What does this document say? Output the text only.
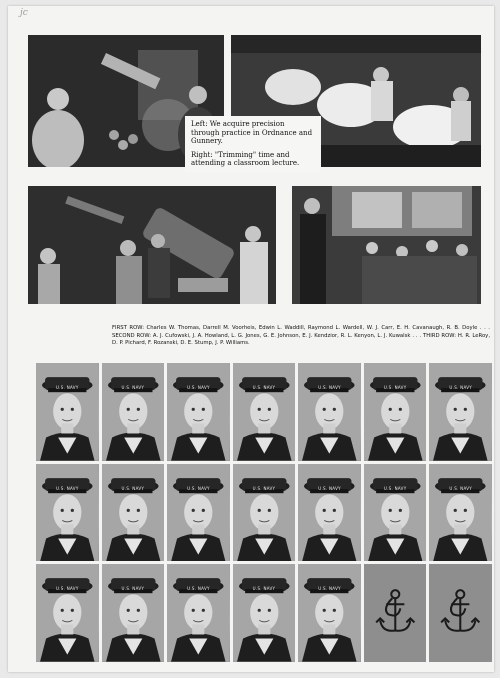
jc

Left: We acquire precision through practice in Ordnance and Gunnery.

Right: "Trimming" time and attending a classroom lecture.

FIRST ROW: Charles W. Thomas, Darrell M. Voorheis, Edwin L. Waddill, Raymond L. Wardell, W. J. Carr, E. H. Cavanaugh, R. B. Doyle . . . SECOND ROW: A. J. Cufowski, J. A. Howland, L. G. Jones, G. E. Johnson, E. J. Kendzior, R. L. Kenyon, L. J. Kuwalsk . . . THIRD ROW: H. R. LeRoy, D. P. Pichard, F. Rozanski, D. E. Stump, J. P. Williams.
U.S. NAVY	U.S. NAVY	U.S. NAVY	U.S. NAVY	U.S. NAVY	U.S. NAVY	U.S. NAVY
U.S. NAVY	U.S. NAVY	U.S. NAVY	U.S. NAVY	U.S. NAVY	U.S. NAVY	U.S. NAVY
U.S. NAVY	U.S. NAVY	U.S. NAVY	U.S. NAVY	U.S. NAVY
